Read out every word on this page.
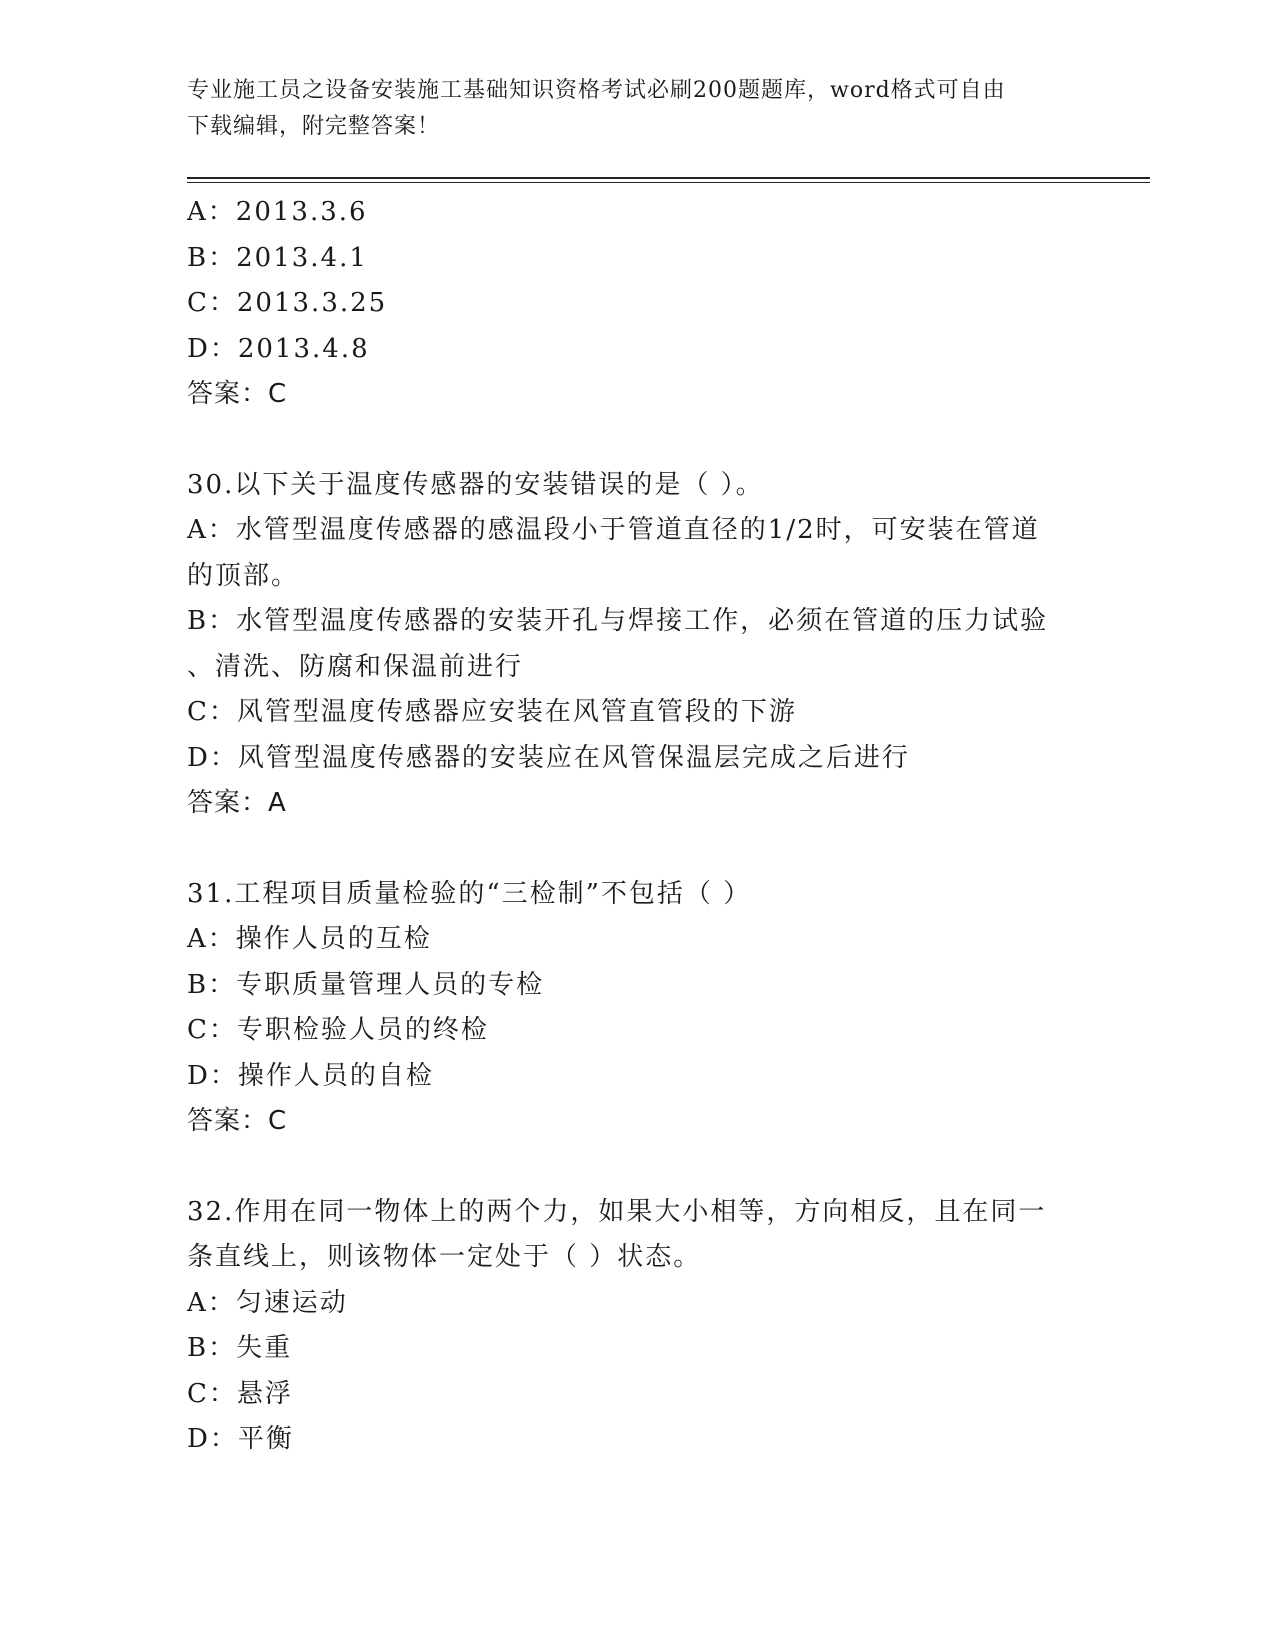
专业施工员之设备安装施工基础知识资格考试必刷200题题库，word格式可自由
下载编辑，附完整答案！
A：2013.3.6
B：2013.4.1
C：2013.3.25
D：2013.4.8
答案：C
30.以下关于温度传感器的安装错误的是（ ）。
A：水管型温度传感器的感温段小于管道直径的1/2时，可安装在管道
的顶部。
B：水管型温度传感器的安装开孔与焊接工作，必须在管道的压力试验
、清洗、防腐和保温前进行
C：风管型温度传感器应安装在风管直管段的下游
D：风管型温度传感器的安装应在风管保温层完成之后进行
答案：A
31.工程项目质量检验的“三检制”不包括（ ）
A：操作人员的互检
B：专职质量管理人员的专检
C：专职检验人员的终检
D：操作人员的自检
答案：C
32.作用在同一物体上的两个力，如果大小相等，方向相反，且在同一
条直线上，则该物体一定处于（ ）状态。
A：匀速运动
B：失重
C：悬浮
D：平衡
